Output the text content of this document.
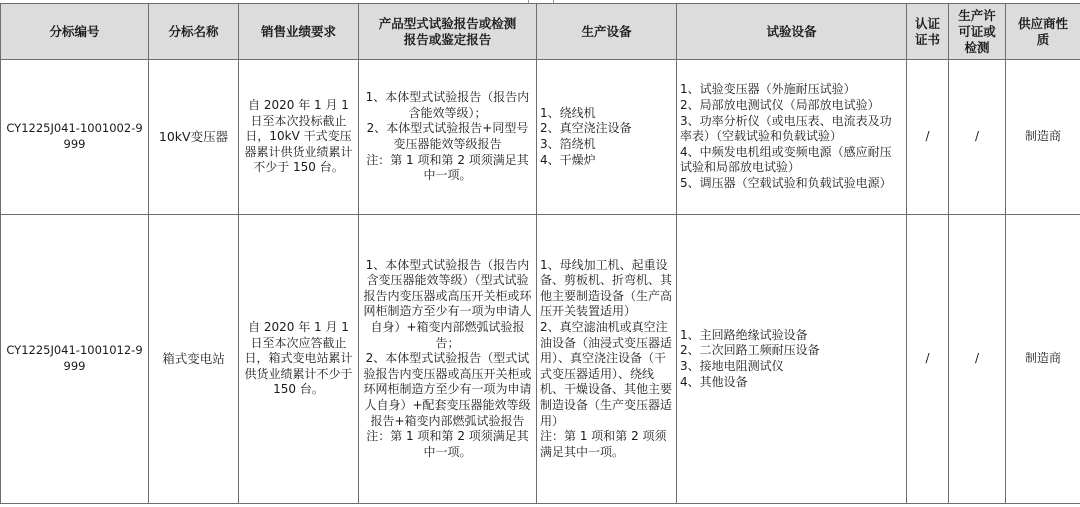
分标编号	分标名称	销售业绩要求	产品型式试验报告或检测报告或鉴定报告	生产设备	试验设备	认证证书	生产许可证或检测	供应商性质
CY1225J041-1001002-9999	10kV变压器	自 2020 年 1 月 1 日至本次投标截止日，10kV 干式变压器累计供货业绩累计不少于 150 台。	1、本体型式试验报告（报告内含能效等级）；
2、本体型式试验报告+同型号变压器能效等级报告
注：第 1 项和第 2 项须满足其中一项。	1、绕线机
2、真空浇注设备
3、箔绕机
4、干燥炉	1、试验变压器（外施耐压试验）
2、局部放电测试仪（局部放电试验）
3、功率分析仪（或电压表、电流表及功率表）（空载试验和负载试验）
4、中频发电机组或变频电源（感应耐压试验和局部放电试验）
5、调压器（空载试验和负载试验电源）	/	/	制造商
CY1225J041-1001012-9999	箱式变电站	自 2020 年 1 月 1 日至本次应答截止日，箱式变电站累计供货业绩累计不少于 150 台。	1、本体型式试验报告（报告内含变压器能效等级）（型式试验报告内变压器或高压开关柜或环网柜制造方至少有一项为申请人自身）+箱变内部燃弧试验报告；
2、本体型式试验报告（型式试验报告内变压器或高压开关柜或环网柜制造方至少有一项为申请人自身）+配套变压器能效等级报告+箱变内部燃弧试验报告
注：第 1 项和第 2 项须满足其中一项。	1、母线加工机、起重设备、剪板机、折弯机、其他主要制造设备（生产高压开关装置适用）
2、真空滤油机或真空注油设备（油浸式变压器适用）、真空浇注设备（干式变压器适用）、绕线机、干燥设备、其他主要制造设备（生产变压器适用）
注：第 1 项和第 2 项须满足其中一项。	1、主回路绝缘试验设备
2、二次回路工频耐压设备
3、接地电阻测试仪
4、其他设备	/	/	制造商
